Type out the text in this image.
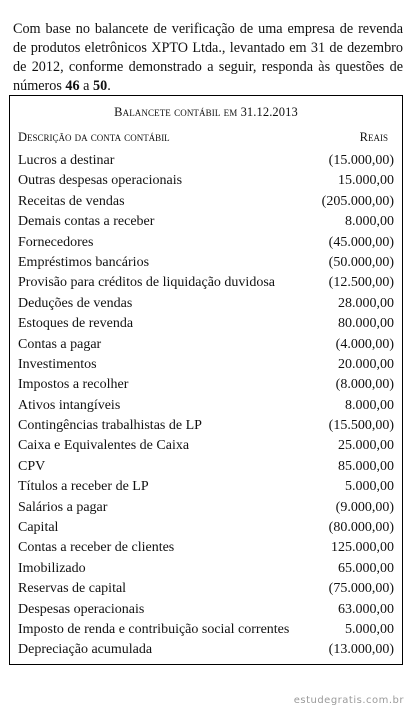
Com base no balancete de verificação de uma empresa de revenda de produtos eletrônicos XPTO Ltda., levantado em 31 de dezembro de 2012, conforme demonstrado a seguir, responda às questões de números 46 a 50.

Balancete contábil em 31.12.2013
Descrição da conta contábil	Reais
Lucros a destinar	(15.000,00)
Outras despesas operacionais	15.000,00
Receitas de vendas	(205.000,00)
Demais contas a receber	8.000,00
Fornecedores	(45.000,00)
Empréstimos bancários	(50.000,00)
Provisão para créditos de liquidação duvidosa	(12.500,00)
Deduções de vendas	28.000,00
Estoques de revenda	80.000,00
Contas a pagar	(4.000,00)
Investimentos	20.000,00
Impostos a recolher	(8.000,00)
Ativos intangíveis	8.000,00
Contingências trabalhistas de LP	(15.500,00)
Caixa e Equivalentes de Caixa	25.000,00
CPV	85.000,00
Títulos a receber de LP	5.000,00
Salários a pagar	(9.000,00)
Capital	(80.000,00)
Contas a receber de clientes	125.000,00
Imobilizado	65.000,00
Reservas de capital	(75.000,00)
Despesas operacionais	63.000,00
Imposto de renda e contribuição social correntes	5.000,00
Depreciação acumulada	(13.000,00)
estudegratis.com.br
